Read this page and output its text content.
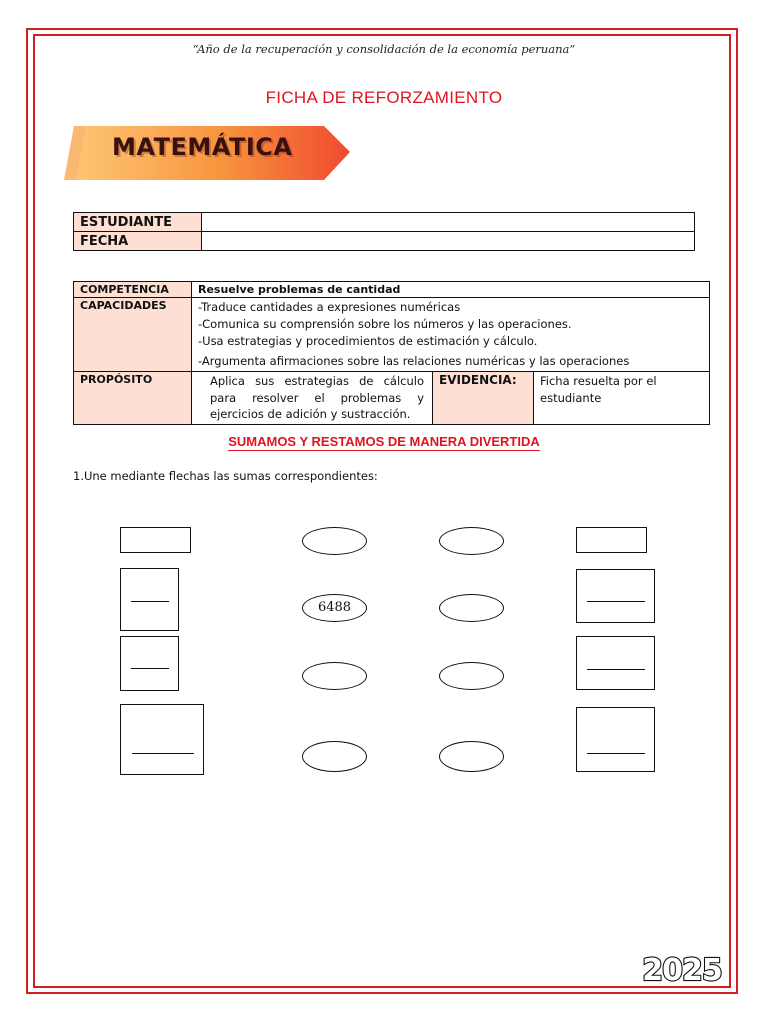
“Año de la recuperación y consolidación de la economía peruana”
FICHA DE REFORZAMIENTO
MATEMÁTICA
ESTUDIANTE	
FECHA	
COMPETENCIA	Resuelve problemas de cantidad		
CAPACIDADES	-Traduce cantidades a expresiones numéricas
-Comunica su comprensión sobre los números y las operaciones.
-Usa estrategias y procedimientos de estimación y cálculo.
-Argumenta afirmaciones sobre las relaciones numéricas y las operaciones		

PROPÓSITO	Aplica sus estrategias de cálculo para resolver el problemas y ejercicios de adición y sustracción.	EVIDENCIA:	Ficha resuelta por el estudiante
SUMAMOS Y RESTAMOS DE MANERA DIVERTIDA
1.Une mediante flechas las sumas correspondientes:
6488
2025
